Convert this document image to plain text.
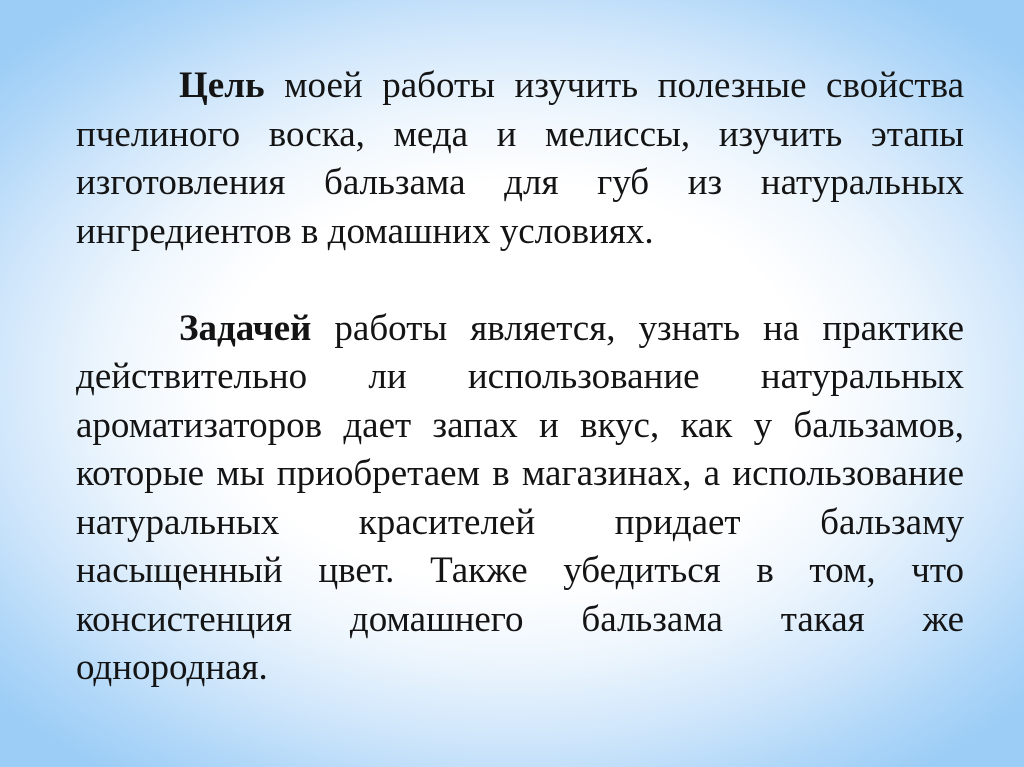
Цель моей работы изучить полезные свойства пчелиного воска, меда и мелиссы, изучить этапы изготовления бальзама для губ из натуральных ингредиентов в домашних условиях.

Задачей работы является, узнать на практике действительно ли использование натуральных ароматизаторов дает запах и вкус, как у бальзамов, которые мы приобретаем в магазинах, а использование натуральных красителей придает бальзаму насыщенный цвет. Также убедиться в том, что консистенция домашнего бальзама такая же однородная.
